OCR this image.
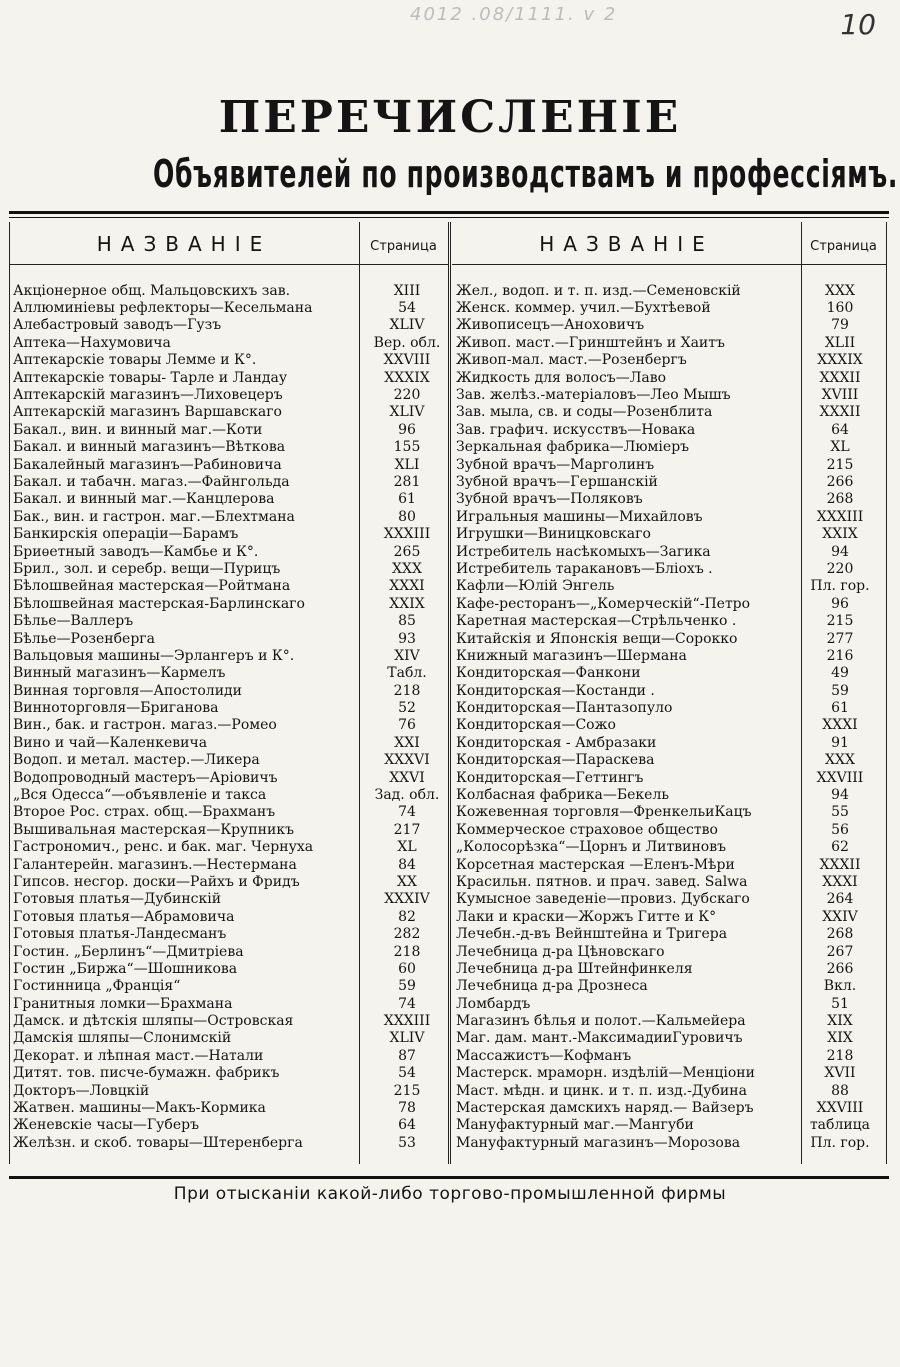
4012 .08/1111. v 2	10
ПЕРЕЧИСЛЕНІЕ
Объявителей по производствамъ и профессіямъ.
НАЗВАНІЕ	Страница	НАЗВАНІЕ	Страница
Акціонерное общ. Мальцовскихъ зав.	XIII
Аллюминіевы рефлекторы—Кесельмана	54
Алебастровый заводъ—Гузъ	XLIV
Аптека—Нахумовича	Вер. обл.
Аптекарскіе товары Лемме и К°.	XXVIII
Аптекарскіе товары- Тарле и Ландау	XXXIX
Аптекарскій магазинъ—Лиховецеръ	220
Аптекарскій магазинъ Варшавскаго	XLIV
Бакал., вин. и винный маг.—Коти	96
Бакал. и винный магазинъ—Вѣткова	155
Бакалейный магазинъ—Рабиновича	XLI
Бакал. и табачн. магаз.—Файнгольда	281
Бакал. и винный маг.—Канцлерова	61
Бак., вин. и гастрон. маг.—Блехтмана	80
Банкирскія операціи—Барамъ	XXXIII
Бриѳетный заводъ—Камбье и К°.	265
Брил., зол. и серебр. вещи—Пурицъ	XXX
Бѣлошвейная мастерская—Ройтмана	XXXI
Бѣлошвейная мастерская-Барлинскаго	XXIX
Бѣлье—Валлеръ	85
Бѣлье—Розенберга	93
Вальцовыя машины—Эрлангеръ и К°.	XIV
Винный магазинъ—Кармелъ	Табл.
Винная торговля—Апостолиди	218
Винноторговля—Бриганова	52
Вин., бак. и гастрон. магаз.—Ромео	76
Вино и чай—Каленкевича	XXI
Водоп. и метал. мастер.—Ликера	XXXVI
Водопроводный мастеръ—Аріовичъ	XXVI
„Вся Одесса“—объявленіе и такса	Зад. обл.
Второе Рос. страх. общ.—Брахманъ	74
Вышивальная мастерская—Крупникъ	217
Гастрономич., ренс. и бак. маг. Чернуха	XL
Галантерейн. магазинъ.—Нестермана	84
Гипсов. несгор. доски—Райхъ и Фридъ	XX
Готовыя платья—Дубинскій	XXXIV
Готовыя платья—Абрамовича	82
Готовыя платья-Ландесманъ	282
Гостин. „Берлинъ“—Дмитріева	218
Гостин „Биржа“—Шошникова	60
Гостинница „Франція“	59
Гранитныя ломки—Брахмана	74
Дамск. и дѣтскія шляпы—Островская	XXXIII
Дамскія шляпы—Слонимскій	XLIV
Декорат. и лѣпная маст.—Натали	87
Дитят. тов. писче-бумажн. фабрикъ	54
Докторъ—Ловцкій	215
Жатвен. машины—Макъ-Кормика	78
Женевскіе часы—Губеръ	64
Желѣзн. и скоб. товары—Штеренберга	53
Жел., водоп. и т. п. изд.—Семеновскій	XXX
Женск. коммер. учил.—Бухтѣевой	160
Живописецъ—Аноховичъ	79
Живоп. маст.—Гринштейнъ и Хаитъ	XLII
Живоп-мал. маст.—Розенбергъ	XXXIX
Жидкость для волосъ—Лаво	XXXII
Зав. желѣз.-матеріаловъ—Лео Мышъ	XVIII
Зав. мыла, св. и соды—Розенблита	XXXII
Зав. графич. искусствъ—Новака	64
Зеркальная фабрика—Люміеръ	XL
Зубной врачъ—Марголинъ	215
Зубной врачъ—Гершанскій	266
Зубной врачъ—Поляковъ	268
Игральныя машины—Михайловъ	XXXIII
Игрушки—Виницковскаго	XXIX
Истребитель насѣкомыхъ—Загика	94
Истребитель таракановъ—Бліохъ .	220
Кафли—Юлій Энгель	Пл. гор.
Кафе-ресторанъ—„Комерческій“-Петро	96
Каретная мастерская—Стрѣльченко .	215
Китайскія и Японскія вещи—Сорокко	277
Книжный магазинъ—Шермана	216
Кондиторская—Фанкони	49
Кондиторская—Костанди .	59
Кондиторская—Пантазопуло	61
Кондиторская—Сожо	XXXI
Кондиторская - Амбразаки	91
Кондиторская—Параскева	XXX
Кондиторская—Геттингъ	XXVIII
Колбасная фабрика—Бекель	94
Кожевенная торговля—ФренкельиКацъ	55
Коммерческое страховое общество	56
„Колосорѣзка“—Цорнъ и Литвиновъ	62
Корсетная мастерская —Еленъ-Мѣри	XXXII
Красильн. пятнов. и прач. завед. Salwa	XXXI
Кумысное заведеніе—провиз. Дубскаго	264
Лаки и краски—Жоржъ Гитте и К°	XXIV
Лечебн.-д-въ Вейнштейна и Тригера	268
Лечебница д-ра Цѣновскаго	267
Лечебница д-ра Штейнфинкеля	266
Лечебница д-ра Дрознеса	Вкл.
Ломбардъ	51
Магазинъ бѣлья и полот.—Кальмейера	XIX
Маг. дам. мант.-МаксимадииГуровичъ	XIX
Массажистъ—Кофманъ	218
Мастерск. мраморн. издѣлій—Менціони	XVII
Маст. мѣдн. и цинк. и т. п. изд.-Дубина	88
Мастерская дамскихъ наряд.— Вайзеръ	XXVIII
Мануфактурный маг.—Мангуби	таблица
Мануфактурный магазинъ—Морозова	Пл. гор.
При отысканіи какой-либо торгово-промышленной фирмы
